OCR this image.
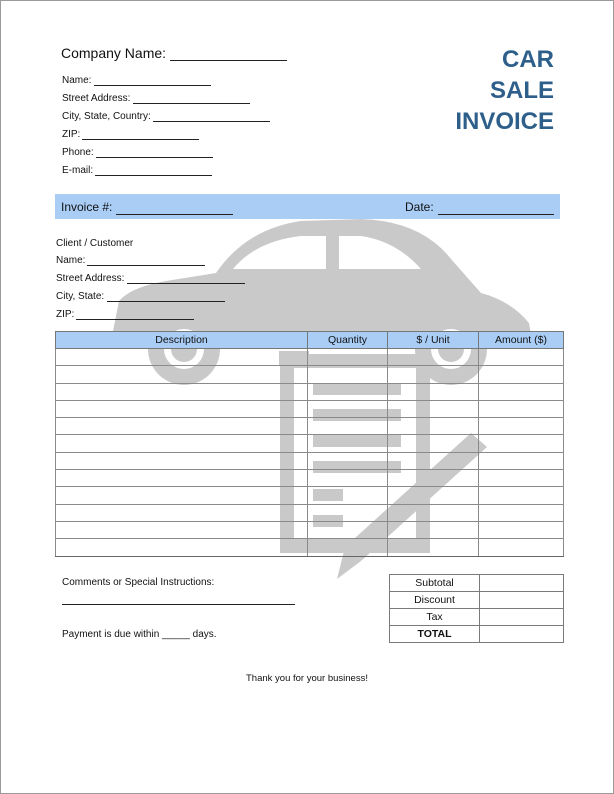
Company Name:
Name:
Street Address:
City, State, Country:
ZIP:
Phone:
E-mail:
CAR
SALE
INVOICE
Invoice #:	Date:
Client / Customer
Name:
Street Address:
City, State:
ZIP:
Description	Quantity	$ / Unit	Amount ($)

Comments or Special Instructions:
Payment is due within _____ days.
Subtotal	
Discount	
Tax	
TOTAL	
Thank you for your business!
